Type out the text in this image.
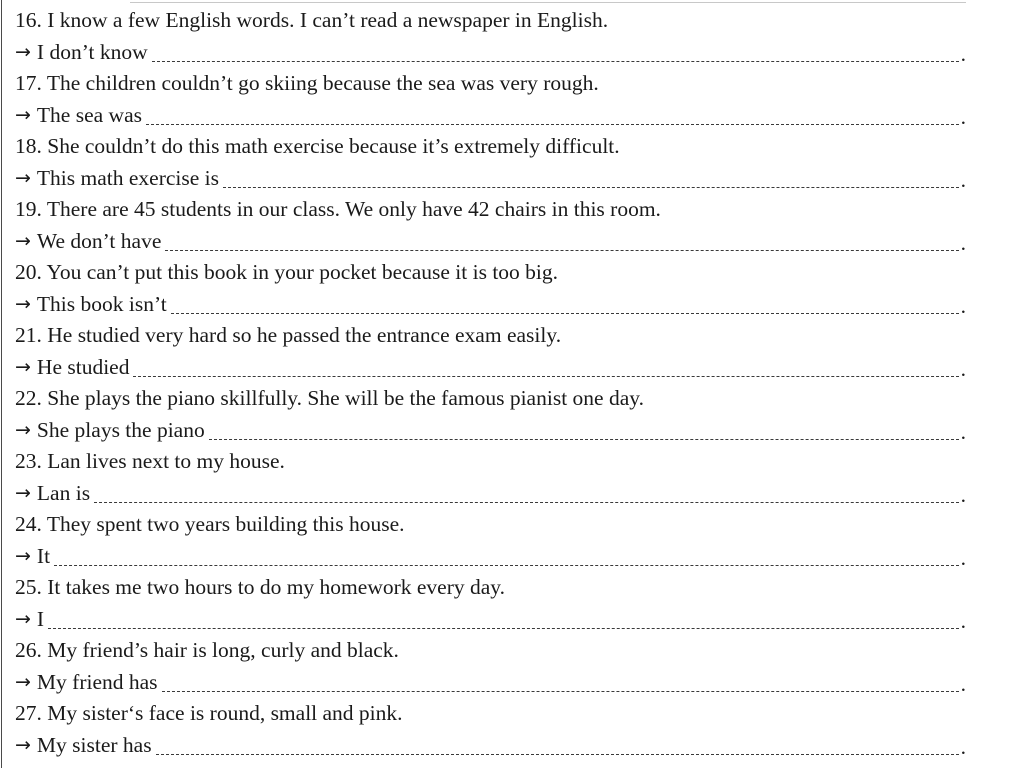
16. I know a few English words. I can’t read a newspaper in English.
→ I don’t know	.
17. The children couldn’t go skiing because the sea was very rough.
→ The sea was	.
18. She couldn’t do this math exercise because it’s extremely difficult.
→ This math exercise is	.
19. There are 45 students in our class. We only have 42 chairs in this room.
→ We don’t have	.
20. You can’t put this book in your pocket because it is too big.
→ This book isn’t	.
21. He studied very hard so he passed the entrance exam easily.
→ He studied	.
22. She plays the piano skillfully. She will be the famous pianist one day.
→ She plays the piano	.
23. Lan lives next to my house.
→ Lan is	.
24. They spent two years building this house.
→ It	.
25. It takes me two hours to do my homework every day.
→ I	.
26. My friend’s hair is long, curly and black.
→ My friend has	.
27. My sister‘s face is round, small and pink.
→ My sister has	.
